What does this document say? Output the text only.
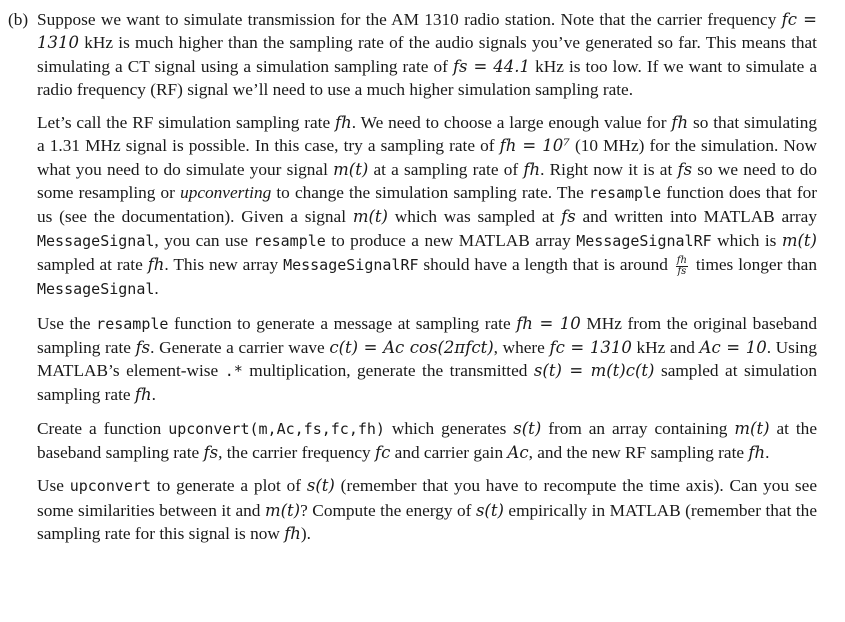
(b) Suppose we want to simulate transmission for the AM 1310 radio station. Note that the carrier frequency fc = 1310 kHz is much higher than the sampling rate of the audio signals you’ve generated so far. This means that simulating a CT signal using a simulation sampling rate of fs = 44.1 kHz is too low. If we want to simulate a radio frequency (RF) signal we’ll need to use a much higher simulation sampling rate.

Let’s call the RF simulation sampling rate fh. We need to choose a large enough value for fh so that simulating a 1.31 MHz signal is possible. In this case, try a sampling rate of fh = 10⁷ (10 MHz) for the simulation. Now what you need to do simulate your signal m(t) at a sampling rate of fh. Right now it is at fs so we need to do some resampling or upconverting to change the simulation sampling rate. The resample function does that for us (see the documentation). Given a signal m(t) which was sampled at fs and written into MATLAB array MessageSignal, you can use resample to produce a new MATLAB array MessageSignalRF which is m(t) sampled at rate fh. This new array MessageSignalRF should have a length that is around $\frac{fh}{fs}$ times longer than MessageSignal.

Use the resample function to generate a message at sampling rate fh = 10 MHz from the original baseband sampling rate fs. Generate a carrier wave c(t) = Ac cos(2πfct), where fc = 1310 kHz and Ac = 10. Using MATLAB’s element-wise .* multiplication, generate the transmitted s(t) = m(t)c(t) sampled at simulation sampling rate fh.

Create a function upconvert(m,Ac,fs,fc,fh) which generates s(t) from an array containing m(t) at the baseband sampling rate fs, the carrier frequency fc and carrier gain Ac, and the new RF sampling rate fh.

Use upconvert to generate a plot of s(t) (remember that you have to recompute the time axis). Can you see some similarities between it and m(t)? Compute the energy of s(t) empirically in MATLAB (remember that the sampling rate for this signal is now fh).
